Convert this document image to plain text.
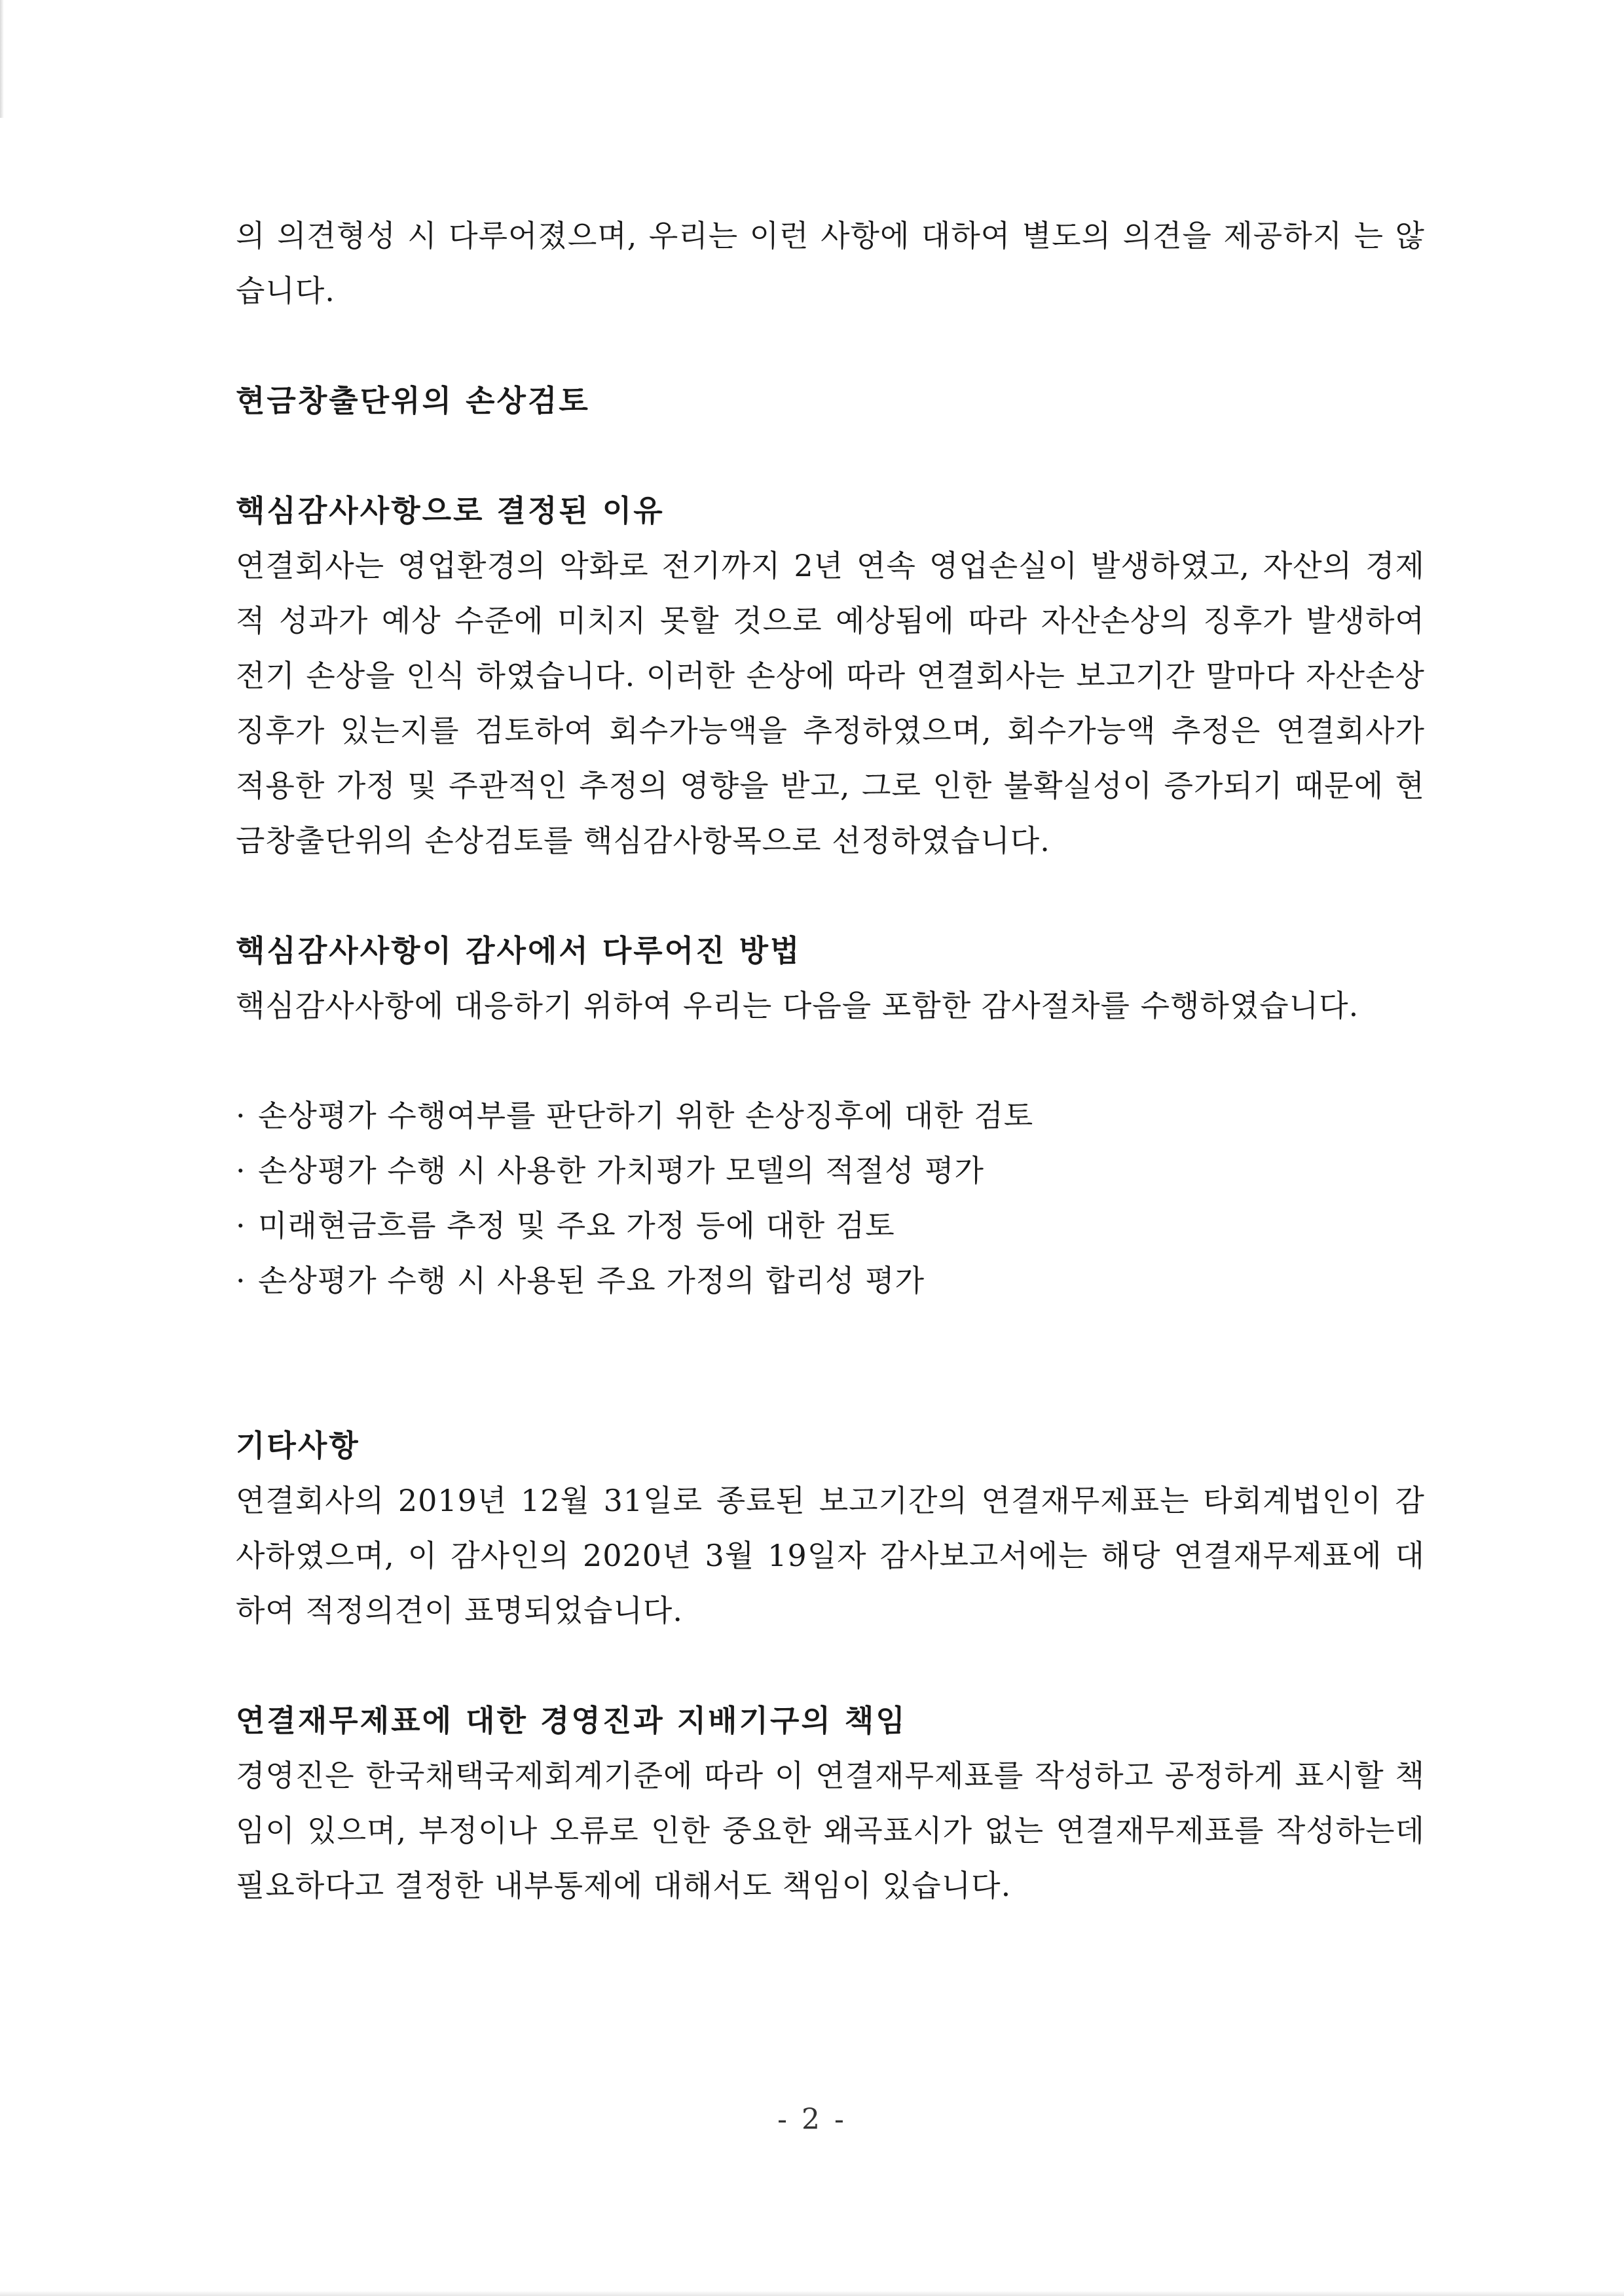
의 의견형성 시 다루어졌으며, 우리는 이런 사항에 대하여 별도의 의견을 제공하지 는 않습니다.

현금창출단위의 손상검토

핵심감사사항으로 결정된 이유

연결회사는 영업환경의 악화로 전기까지 2년 연속 영업손실이 발생하였고, 자산의 경제적 성과가 예상 수준에 미치지 못할 것으로 예상됨에 따라 자산손상의 징후가 발생하여 전기 손상을 인식 하였습니다. 이러한 손상에 따라 연결회사는 보고기간 말마다 자산손상 징후가 있는지를 검토하여 회수가능액을 추정하였으며, 회수가능액 추정은 연결회사가 적용한 가정 및 주관적인 추정의 영향을 받고, 그로 인한 불확실성이 증가되기 때문에 현금창출단위의 손상검토를 핵심감사항목으로 선정하였습니다.

핵심감사사항이 감사에서 다루어진 방법

핵심감사사항에 대응하기 위하여 우리는 다음을 포함한 감사절차를 수행하였습니다.

· 손상평가 수행여부를 판단하기 위한 손상징후에 대한 검토
· 손상평가 수행 시 사용한 가치평가 모델의 적절성 평가
· 미래현금흐름 추정 및 주요 가정 등에 대한 검토
· 손상평가 수행 시 사용된 주요 가정의 합리성 평가

기타사항

연결회사의 2019년 12월 31일로 종료된 보고기간의 연결재무제표는 타회계법인이 감사하였으며, 이 감사인의 2020년 3월 19일자 감사보고서에는 해당 연결재무제표에 대하여 적정의견이 표명되었습니다.

연결재무제표에 대한 경영진과 지배기구의 책임

경영진은 한국채택국제회계기준에 따라 이 연결재무제표를 작성하고 공정하게 표시할 책임이 있으며, 부정이나 오류로 인한 중요한 왜곡표시가 없는 연결재무제표를 작성하는데 필요하다고 결정한 내부통제에 대해서도 책임이 있습니다.

- 2 -
